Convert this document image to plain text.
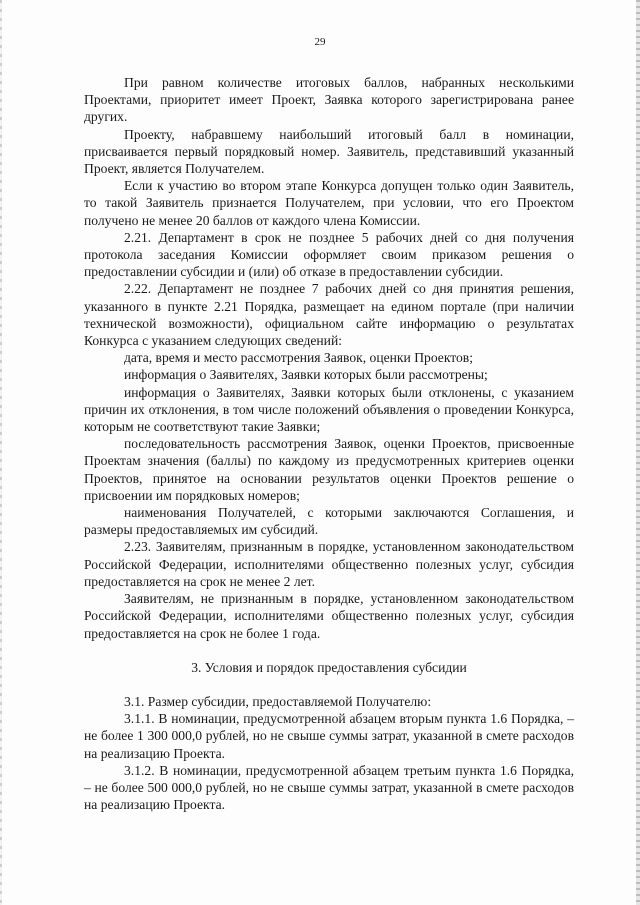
29

При равном количестве итоговых баллов, набранных несколькими Проектами, приоритет имеет Проект, Заявка которого зарегистрирована ранее других.

Проекту, набравшему наибольший итоговый балл в номинации, присваивается первый порядковый номер. Заявитель, представивший указанный Проект, является Получателем.

Если к участию во втором этапе Конкурса допущен только один Заявитель, то такой Заявитель признается Получателем, при условии, что его Проектом получено не менее 20 баллов от каждого члена Комиссии.

2.21. Департамент в срок не позднее 5 рабочих дней со дня получения протокола заседания Комиссии оформляет своим приказом решения о предоставлении субсидии и (или) об отказе в предоставлении субсидии.

2.22. Департамент не позднее 7 рабочих дней со дня принятия решения, указанного в пункте 2.21 Порядка, размещает на едином портале (при наличии технической возможности), официальном сайте информацию о результатах Конкурса с указанием следующих сведений:

дата, время и место рассмотрения Заявок, оценки Проектов;

информация о Заявителях, Заявки которых были рассмотрены;

информация о Заявителях, Заявки которых были отклонены, с указанием причин их отклонения, в том числе положений объявления о проведении Конкурса, которым не соответствуют такие Заявки;

последовательность рассмотрения Заявок, оценки Проектов, присвоенные Проектам значения (баллы) по каждому из предусмотренных критериев оценки Проектов, принятое на основании результатов оценки Проектов решение о присвоении им порядковых номеров;

наименования Получателей, с которыми заключаются Соглашения, и размеры предоставляемых им субсидий.

2.23. Заявителям, признанным в порядке, установленном законодательством Российской Федерации, исполнителями общественно полезных услуг, субсидия предоставляется на срок не менее 2 лет.

Заявителям, не признанным в порядке, установленном законодательством Российской Федерации, исполнителями общественно полезных услуг, субсидия предоставляется на срок не более 1 года.

3. Условия и порядок предоставления субсидии

3.1. Размер субсидии, предоставляемой Получателю:

3.1.1. В номинации, предусмотренной абзацем вторым пункта 1.6 Порядка, – не более 1 300 000,0 рублей, но не свыше суммы затрат, указанной в смете расходов на реализацию Проекта.

3.1.2. В номинации, предусмотренной абзацем третьим пункта 1.6 Порядка, – не более 500 000,0 рублей, но не свыше суммы затрат, указанной в смете расходов на реализацию Проекта.
